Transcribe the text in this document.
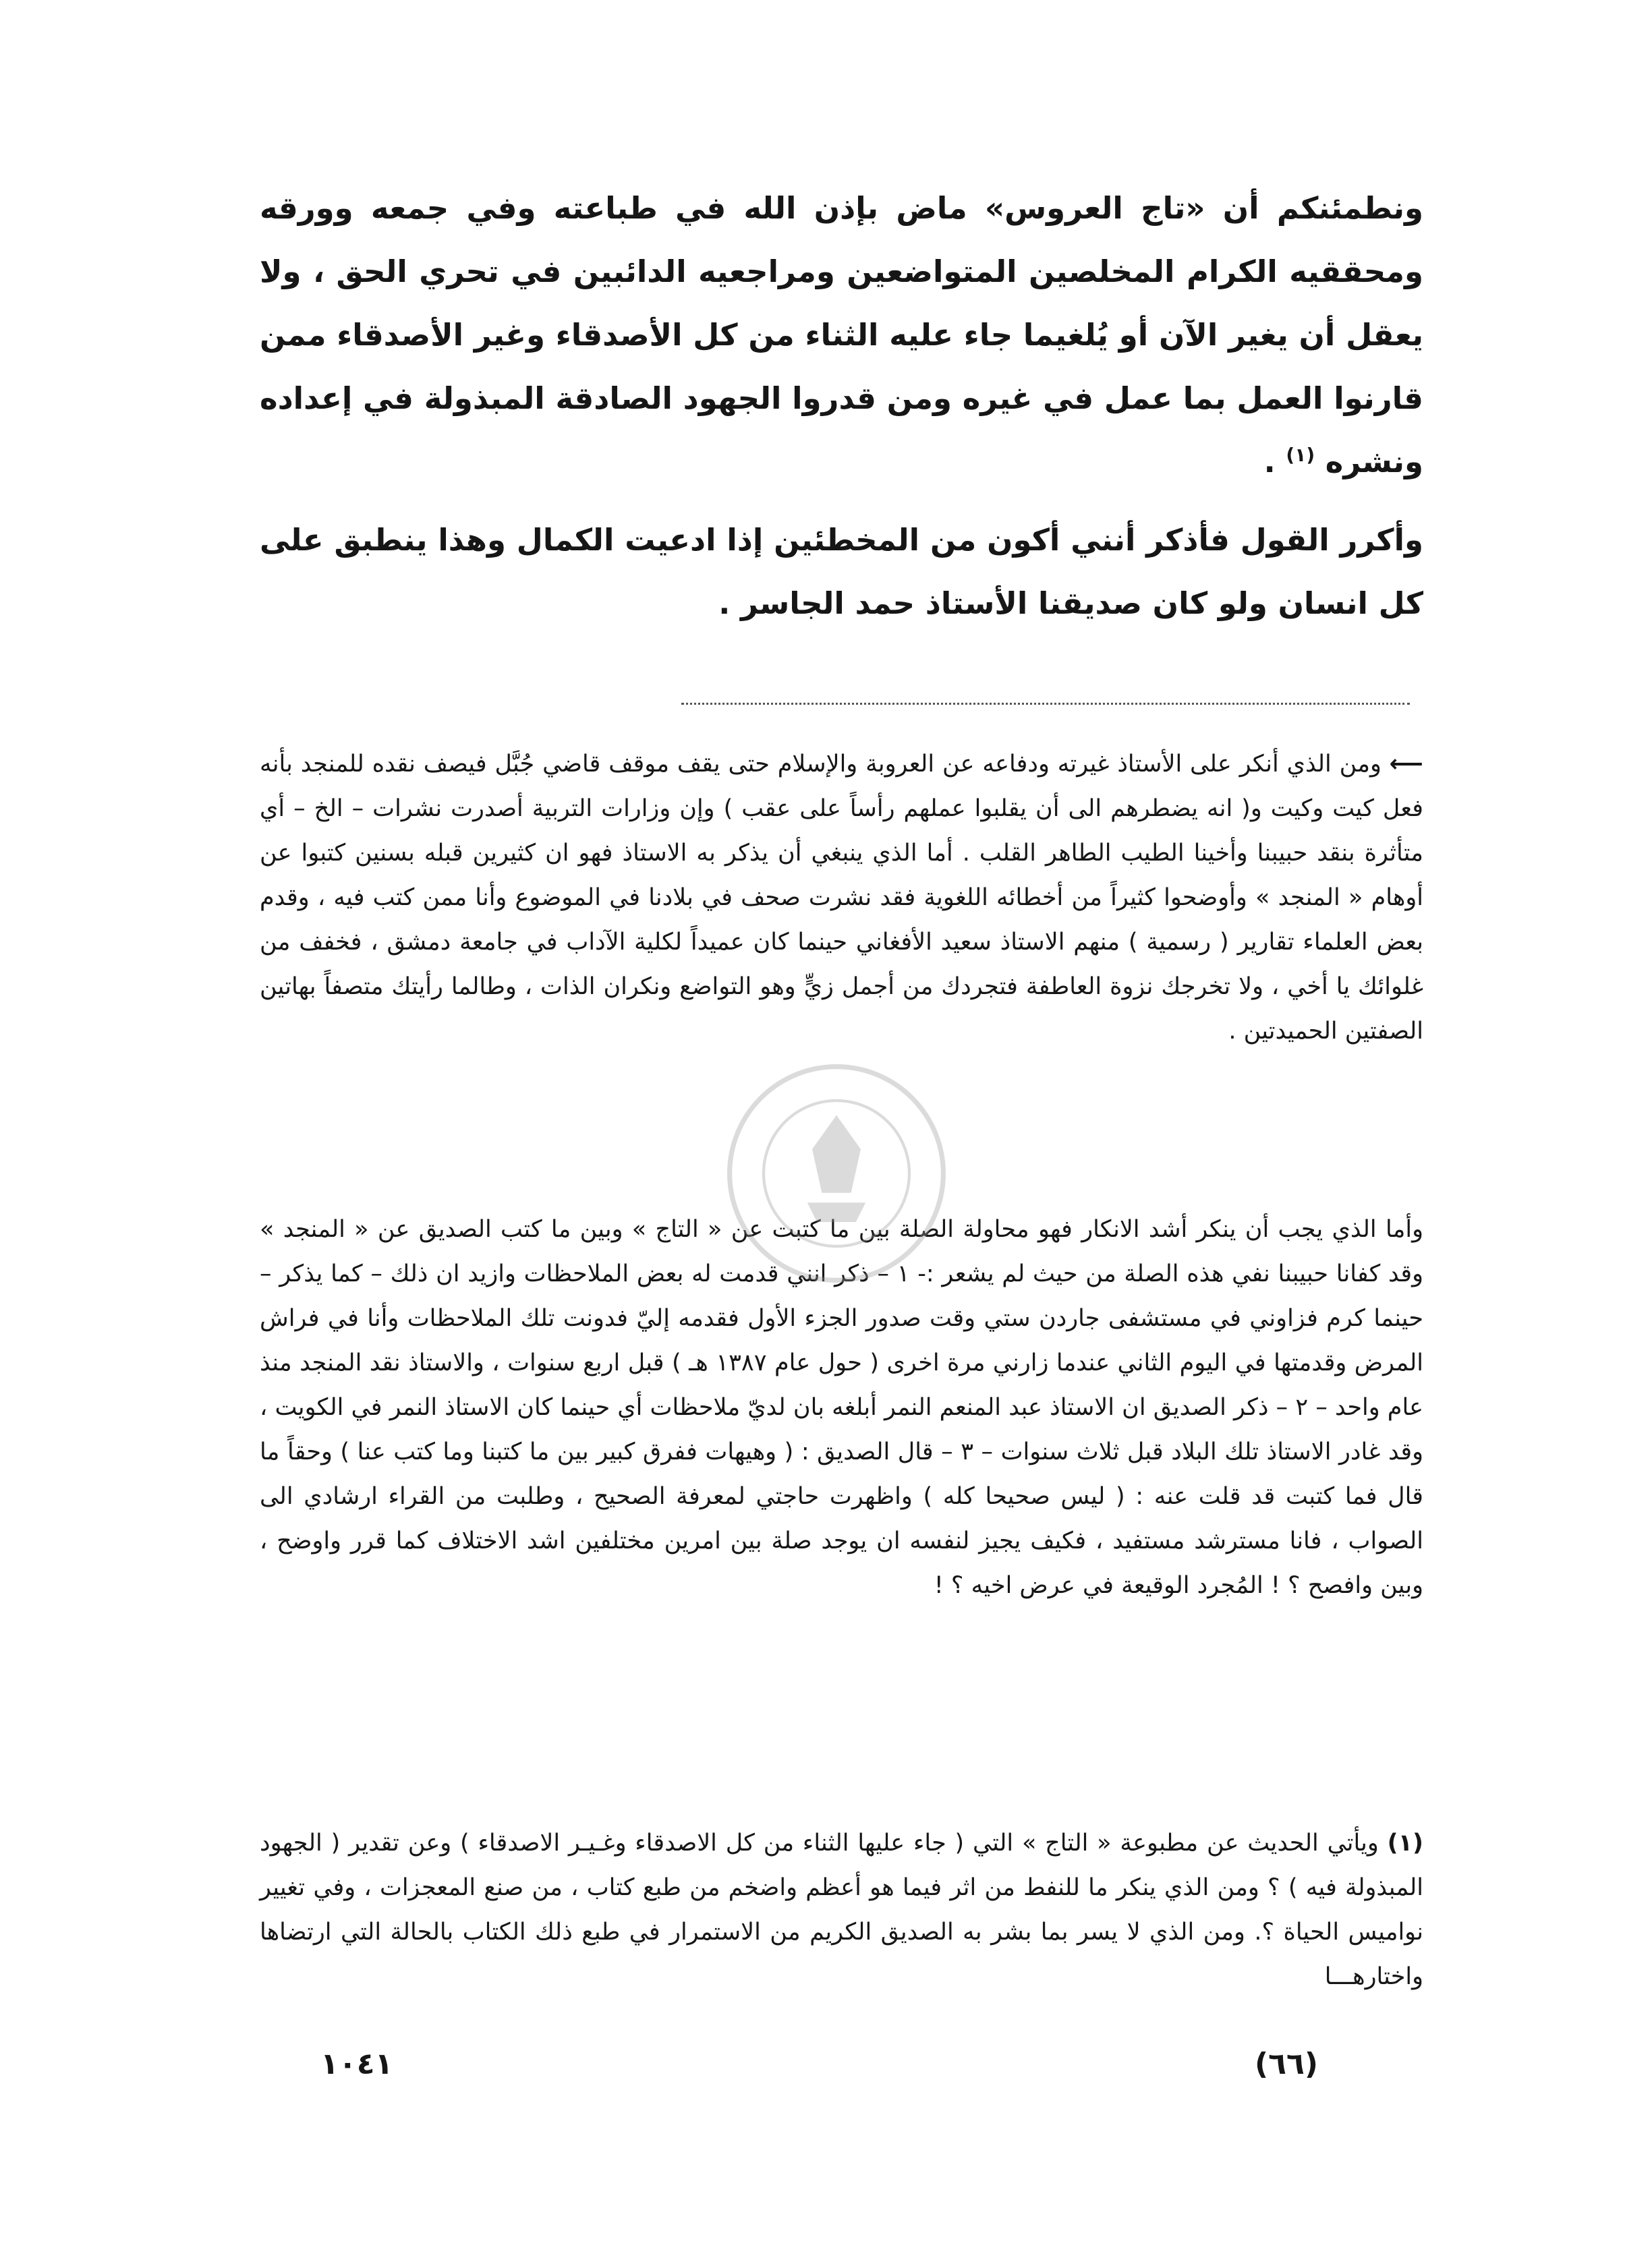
ونطمئنكم أن «تاج العروس» ماض بإذن الله في طباعته وفي جمعه وورقه ومحققيه الكرام المخلصين المتواضعين ومراجعيه الدائبين في تحري الحق ، ولا يعقل أن يغير الآن أو يُلغيما جاء عليه الثناء من كل الأصدقاء وغير الأصدقاء ممن قارنوا العمل بما عمل في غيره ومن قدروا الجهود الصادقة المبذولة في إعداده ونشره $^{(١)}$ .

وأكرر القول فأذكر أنني أكون من المخطئين إذا ادعيت الكمال وهذا ينطبق على كل انسان ولو كان صديقنا الأستاذ حمد الجاسر .

⟵ ومن الذي أنكر على الأستاذ غيرته ودفاعه عن العروبة والإسلام حتى يقف موقف قاضي جُبَّل فيصف نقده للمنجد بأنه فعل كيت وكيت و( انه يضطرهم الى أن يقلبوا عملهم رأساً على عقب ) وإن وزارات التربية أصدرت نشرات – الخ – أي متأثرة بنقد حبيبنا وأخينا الطيب الطاهر القلب . أما الذي ينبغي أن يذكر به الاستاذ فهو ان كثيرين قبله بسنين كتبوا عن أوهام « المنجد » وأوضحوا كثيراً من أخطائه اللغوية فقد نشرت صحف في بلادنا في الموضوع وأنا ممن كتب فيه ، وقدم بعض العلماء تقارير ( رسمية ) منهم الاستاذ سعيد الأفغاني حينما كان عميداً لكلية الآداب في جامعة دمشق ، فخفف من غلوائك يا أخي ، ولا تخرجك نزوة العاطفة فتجردك من أجمل زيٍّ وهو التواضع ونكران الذات ، وطالما رأيتك متصفاً بهاتين الصفتين الحميدتين .

وأما الذي يجب أن ينكر أشد الانكار فهو محاولة الصلة بين ما كتبت عن « التاج » وبين ما كتب الصديق عن « المنجد » وقد كفانا حبيبنا نفي هذه الصلة من حيث لم يشعر :- ١ – ذكر انني قدمت له بعض الملاحظات وازيد ان ذلك – كما يذكر – حينما كرم فزاوني في مستشفى جاردن ستي وقت صدور الجزء الأول فقدمه إليّ فدونت تلك الملاحظات وأنا في فراش المرض وقدمتها في اليوم الثاني عندما زارني مرة اخرى ( حول عام ١٣٨٧ هـ ) قبل اربع سنوات ، والاستاذ نقد المنجد منذ عام واحد – ٢ – ذكر الصديق ان الاستاذ عبد المنعم النمر أبلغه بان لديّ ملاحظات أي حينما كان الاستاذ النمر في الكويت ، وقد غادر الاستاذ تلك البلاد قبل ثلاث سنوات – ٣ – قال الصديق : ( وهيهات ففرق كبير بين ما كتبنا وما كتب عنا ) وحقاً ما قال فما كتبت قد قلت عنه : ( ليس صحيحا كله ) واظهرت حاجتي لمعرفة الصحيح ، وطلبت من القراء ارشادي الى الصواب ، فانا مسترشد مستفيد ، فكيف يجيز لنفسه ان يوجد صلة بين امرين مختلفين اشد الاختلاف كما قرر واوضح ، وبين وافصح ؟ ! المُجرد الوقيعة في عرض اخيه ؟ !

(١) ويأتي الحديث عن مطبوعة « التاج » التي ( جاء عليها الثناء من كل الاصدقاء وغـيـر الاصدقاء ) وعن تقدير ( الجهود المبذولة فيه ) ؟ ومن الذي ينكر ما للنفط من اثر فيما هو أعظم واضخم من طبع كتاب ، من صنع المعجزات ، وفي تغيير نواميس الحياة ؟. ومن الذي لا يسر بما بشر به الصديق الكريم من الاستمرار في طبع ذلك الكتاب بالحالة التي ارتضاها واختارهـــا

١٠٤١	(٦٦)
